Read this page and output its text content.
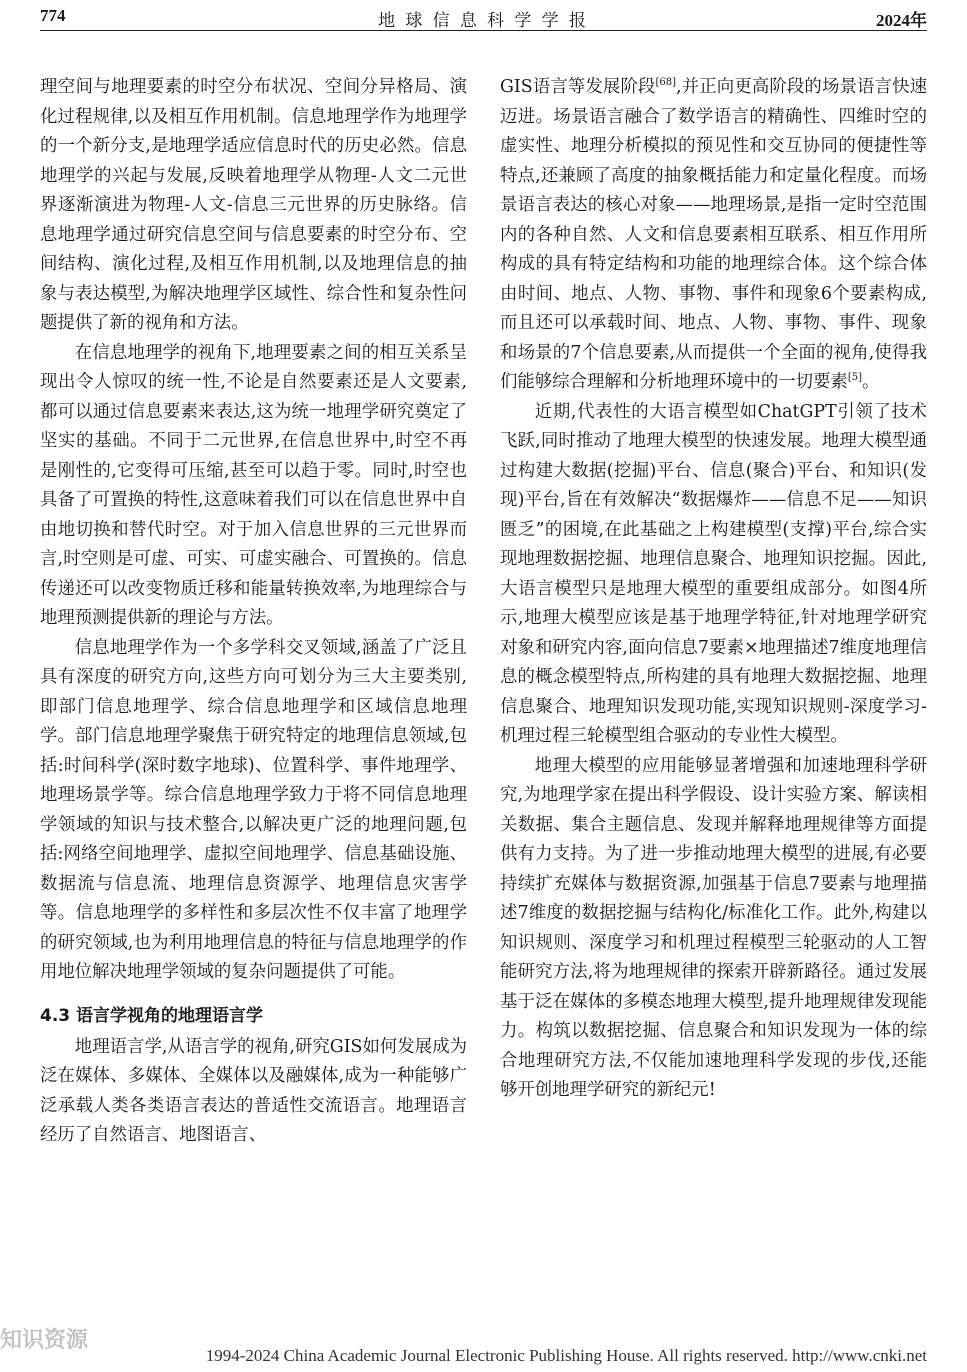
774	地 球 信 息 科 学 学 报	2024年

理空间与地理要素的时空分布状况、空间分异格局、演化过程规律,以及相互作用机制。信息地理学作为地理学的一个新分支,是地理学适应信息时代的历史必然。信息地理学的兴起与发展,反映着地理学从物理-人文二元世界逐渐演进为物理-人文-信息三元世界的历史脉络。信息地理学通过研究信息空间与信息要素的时空分布、空间结构、演化过程,及相互作用机制,以及地理信息的抽象与表达模型,为解决地理学区域性、综合性和复杂性问题提供了新的视角和方法。

在信息地理学的视角下,地理要素之间的相互关系呈现出令人惊叹的统一性,不论是自然要素还是人文要素,都可以通过信息要素来表达,这为统一地理学研究奠定了坚实的基础。不同于二元世界,在信息世界中,时空不再是刚性的,它变得可压缩,甚至可以趋于零。同时,时空也具备了可置换的特性,这意味着我们可以在信息世界中自由地切换和替代时空。对于加入信息世界的三元世界而言,时空则是可虚、可实、可虚实融合、可置换的。信息传递还可以改变物质迁移和能量转换效率,为地理综合与地理预测提供新的理论与方法。

信息地理学作为一个多学科交叉领域,涵盖了广泛且具有深度的研究方向,这些方向可划分为三大主要类别,即部门信息地理学、综合信息地理学和区域信息地理学。部门信息地理学聚焦于研究特定的地理信息领域,包括:时间科学(深时数字地球)、位置科学、事件地理学、地理场景学等。综合信息地理学致力于将不同信息地理学领域的知识与技术整合,以解决更广泛的地理问题,包括:网络空间地理学、虚拟空间地理学、信息基础设施、数据流与信息流、地理信息资源学、地理信息灾害学等。信息地理学的多样性和多层次性不仅丰富了地理学的研究领域,也为利用地理信息的特征与信息地理学的作用地位解决地理学领域的复杂问题提供了可能。

4.3 语言学视角的地理语言学

地理语言学,从语言学的视角,研究GIS如何发展成为泛在媒体、多媒体、全媒体以及融媒体,成为一种能够广泛承载人类各类语言表达的普适性交流语言。地理语言经历了自然语言、地图语言、

GIS语言等发展阶段[68],并正向更高阶段的场景语言快速迈进。场景语言融合了数学语言的精确性、四维时空的虚实性、地理分析模拟的预见性和交互协同的便捷性等特点,还兼顾了高度的抽象概括能力和定量化程度。而场景语言表达的核心对象——地理场景,是指一定时空范围内的各种自然、人文和信息要素相互联系、相互作用所构成的具有特定结构和功能的地理综合体。这个综合体由时间、地点、人物、事物、事件和现象6个要素构成,而且还可以承载时间、地点、人物、事物、事件、现象和场景的7个信息要素,从而提供一个全面的视角,使得我们能够综合理解和分析地理环境中的一切要素[5]。

近期,代表性的大语言模型如ChatGPT引领了技术飞跃,同时推动了地理大模型的快速发展。地理大模型通过构建大数据(挖掘)平台、信息(聚合)平台、和知识(发现)平台,旨在有效解决“数据爆炸——信息不足——知识匮乏”的困境,在此基础之上构建模型(支撑)平台,综合实现地理数据挖掘、地理信息聚合、地理知识挖掘。因此,大语言模型只是地理大模型的重要组成部分。如图4所示,地理大模型应该是基于地理学特征,针对地理学研究对象和研究内容,面向信息7要素×地理描述7维度地理信息的概念模型特点,所构建的具有地理大数据挖掘、地理信息聚合、地理知识发现功能,实现知识规则-深度学习-机理过程三轮模型组合驱动的专业性大模型。

地理大模型的应用能够显著增强和加速地理科学研究,为地理学家在提出科学假设、设计实验方案、解读相关数据、集合主题信息、发现并解释地理规律等方面提供有力支持。为了进一步推动地理大模型的进展,有必要持续扩充媒体与数据资源,加强基于信息7要素与地理描述7维度的数据挖掘与结构化/标准化工作。此外,构建以知识规则、深度学习和机理过程模型三轮驱动的人工智能研究方法,将为地理规律的探索开辟新路径。通过发展基于泛在媒体的多模态地理大模型,提升地理规律发现能力。构筑以数据挖掘、信息聚合和知识发现为一体的综合地理研究方法,不仅能加速地理科学发现的步伐,还能够开创地理学研究的新纪元!

知识资源
1994-2024 China Academic Journal Electronic Publishing House. All rights reserved. http://www.cnki.net
